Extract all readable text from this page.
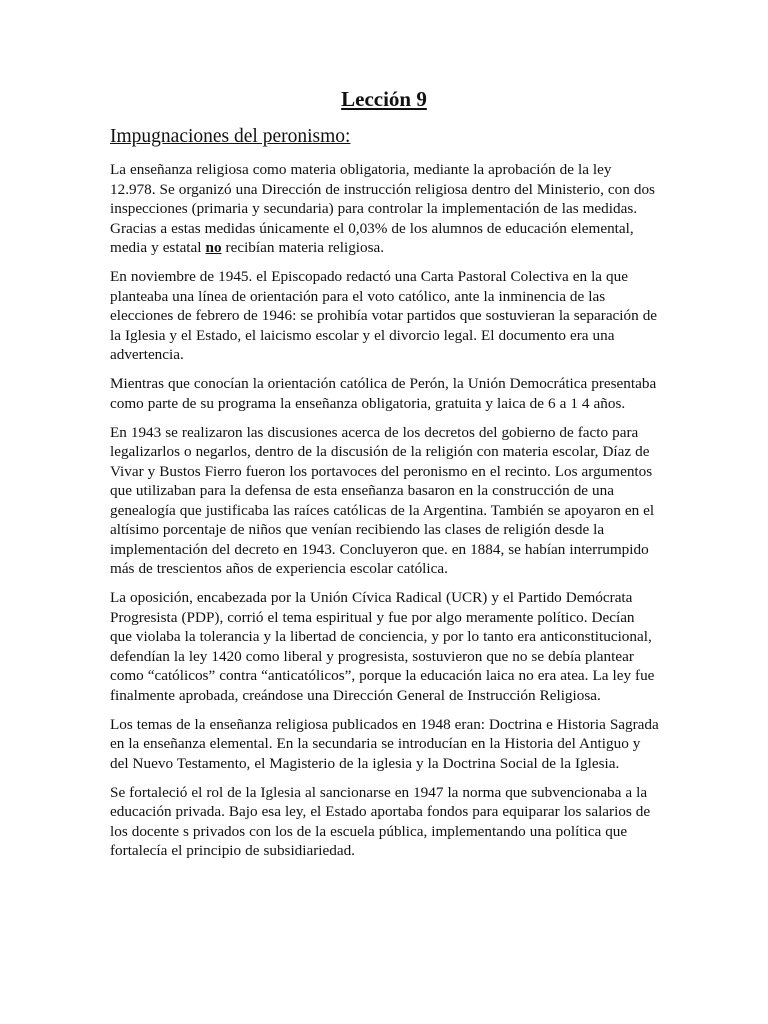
Lección 9
Impugnaciones del peronismo:

La enseñanza religiosa como materia obligatoria, mediante la aprobación de la ley 12.978. Se organizó una Dirección de instrucción religiosa dentro del Ministerio, con dos inspecciones (primaria y secundaria) para controlar la implementación de las medidas. Gracias a estas medidas únicamente el 0,03% de los alumnos de educación elemental, media y estatal no recibían materia religiosa.

En noviembre de 1945. el Episcopado redactó una Carta Pastoral Colectiva en la que planteaba una línea de orientación para el voto católico, ante la inminencia de las elecciones de febrero de 1946: se prohibía votar partidos que sostuvieran la separación de la Iglesia y el Estado, el laicismo escolar y el divorcio legal. El documento era una advertencia.

Mientras que conocían la orientación católica de Perón, la Unión Democrática presentaba como parte de su programa la enseñanza obligatoria, gratuita y laica de 6 a 1 4 años.

En 1943 se realizaron las discusiones acerca de los decretos del gobierno de facto para legalizarlos o negarlos, dentro de la discusión de la religión con materia escolar, Díaz de Vivar y Bustos Fierro fueron los portavoces del peronismo en el recinto. Los argumentos que utilizaban para la defensa de esta enseñanza basaron en la construcción de una genealogía que justificaba las raíces católicas de la Argentina. También se apoyaron en el altísimo porcentaje de niños que venían recibiendo las clases de religión desde la implementación del decreto en 1943. Concluyeron que. en 1884, se habían interrumpido más de trescientos años de experiencia escolar católica.

La oposición, encabezada por la Unión Cívica Radical (UCR) y el Partido Demócrata Progresista (PDP), corrió el tema espiritual y fue por algo meramente político. Decían que violaba la tolerancia y la libertad de conciencia, y por lo tanto era anticonstitucional, defendían la ley 1420 como liberal y progresista, sostuvieron que no se debía plantear como “católicos” contra “anticatólicos”, porque la educación laica no era atea. La ley fue finalmente aprobada, creándose una Dirección General de Instrucción Religiosa.

Los temas de la enseñanza religiosa publicados en 1948 eran: Doctrina e Historia Sagrada en la enseñanza elemental. En la secundaria se introducían en la Historia del Antiguo y del Nuevo Testamento, el Magisterio de la iglesia y la Doctrina Social de la Iglesia.

Se fortaleció el rol de la Iglesia al sancionarse en 1947 la norma que subvencionaba a la educación privada. Bajo esa ley, el Estado aportaba fondos para equiparar los salarios de los docente s privados con los de la escuela pública, implementando una política que fortalecía el principio de subsidiariedad.
